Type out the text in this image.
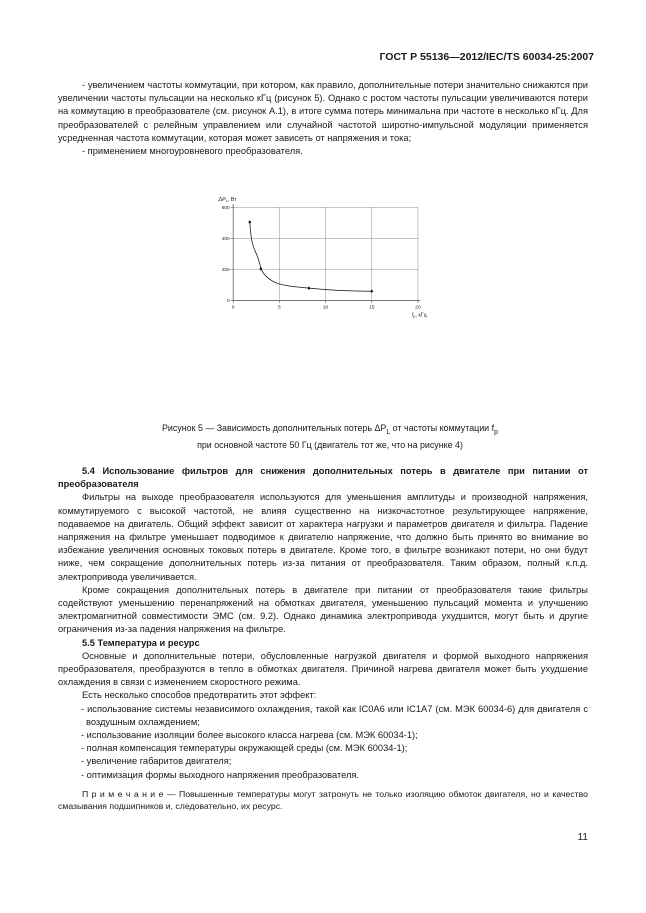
ГОСТ Р 55136—2012/IEC/TS 60034-25:2007

- увеличением частоты коммутации, при котором, как правило, дополнительные потери значительно снижаются при увеличении частоты пульсации на несколько кГц (рисунок 5). Однако с ростом частоты пульсации увеличиваются потери на коммутацию в преобразователе (см. рисунок А.1), в итоге сумма потерь минимальна при частоте в несколько кГц. Для преобразователей с релейным управлением или случайной частотой широтно-импульсной модуляции применяется усредненная частота коммутации, которая может зависеть от напряжения и тока;

- применением многоуровневого преобразователя.

0	5	10	15	20
0
200
400
600
$\Delta P_L$, Вт
$f_p$, кГц
Рисунок 5 — Зависимость дополнительных потерь $\Delta P_L$ от частоты коммутации $f_p$
при основной частоте 50 Гц (двигатель тот же, что на рисунке 4)

5.4 Использование фильтров для снижения дополнительных потерь в двигателе при питании от преобразователя

Фильтры на выходе преобразователя используются для уменьшения амплитуды и производной напряжения, коммутируемого с высокой частотой, не влияя существенно на низкочастотное результирующее напряжение, подаваемое на двигатель. Общий эффект зависит от характера нагрузки и параметров двигателя и фильтра. Падение напряжения на фильтре уменьшает подводимое к двигателю напряжение, что должно быть принято во внимание во избежание увеличения основных токовых потерь в двигателе. Кроме того, в фильтре возникают потери, но они будут ниже, чем сокращение дополнительных потерь из-за питания от преобразователя. Таким образом, полный к.п.д. электропривода увеличивается.

Кроме сокращения дополнительных потерь в двигателе при питании от преобразователя такие фильтры содействуют уменьшению перенапряжений на обмотках двигателя, уменьшению пульсаций момента и улучшению электромагнитной совместимости ЭМС (см. 9.2). Однако динамика электропривода ухудшится, могут быть и другие ограничения из-за падения напряжения на фильтре.

5.5 Температура и ресурс

Основные и дополнительные потери, обусловленные нагрузкой двигателя и формой выходного напряжения преобразователя, преобразуются в тепло в обмотках двигателя. Причиной нагрева двигателя может быть ухудшение охлаждения в связи с изменением скоростного режима.

Есть несколько способов предотвратить этот эффект:

- использование системы независимого охлаждения, такой как IC0A6 или IC1A7 (см. МЭК 60034-6) для двигателя с воздушным охлаждением;

- использование изоляции более высокого класса нагрева (см. МЭК 60034-1);

- полная компенсация температуры окружающей среды (см. МЭК 60034-1);

- увеличение габаритов двигателя;

- оптимизация формы выходного напряжения преобразователя.

П р и м е ч а н и е — Повышенные температуры могут затронуть не только изоляцию обмоток двигателя, но и качество смазывания подшипников и, следовательно, их ресурс.

11
